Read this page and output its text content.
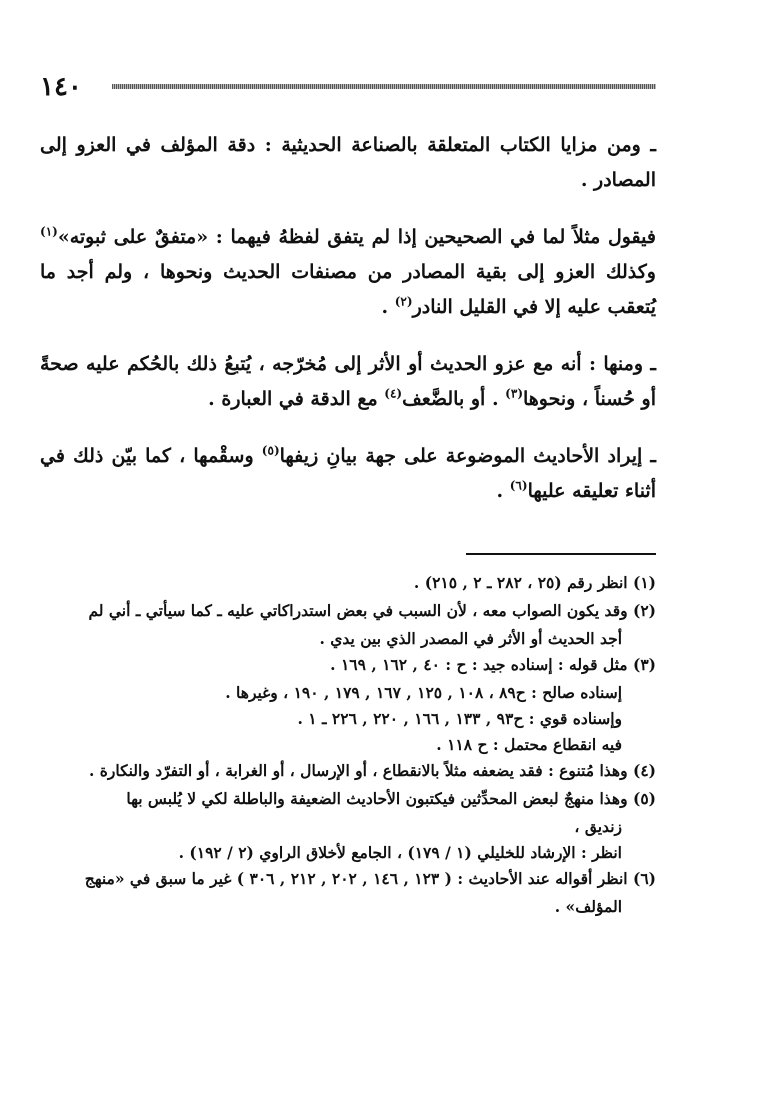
١٤٠

ـ ومن مزايا الكتاب المتعلقة بالصناعة الحديثية : دقة المؤلف في العزو إلى المصادر .

فيقول مثلاً لما في الصحيحين إذا لم يتفق لفظهُ فيهما : «متفقٌ على ثبوته»$^{(١)}$ وكذلك العزو إلى بقية المصادر من مصنفات الحديث ونحوها ، ولم أجد ما يُتعقب عليه إلا في القليل النادر$^{(٢)}$ .

ـ ومنها : أنه مع عزو الحديث أو الأثر إلى مُخرّجه ، يُتبعُ ذلك بالحُكم عليه صحةً أو حُسناً ، ونحوها$^{(٣)}$ . أو بالضَّعف$^{(٤)}$ مع الدقة في العبارة .

ـ إيراد الأحاديث الموضوعة على جهة بيانِ زيفها$^{(٥)}$ وسقْمها ، كما بيّن ذلك في أثناء تعليقه عليها$^{(٦)}$ .

(١) انظر رقم (٢٥ ، ٢٨٢ ـ ٢ , ٢١٥) .

(٢) وقد يكون الصواب معه ، لأن السبب في بعض استدراكاتي عليه ـ كما سيأتي ـ أني لم

أجد الحديث أو الأثر في المصدر الذي بين يدي .

(٣) مثل قوله : إسناده جيد : ح : ٤٠ , ١٦٢ , ١٦٩ .

إسناده صالح : ح٨٩ ، ١٠٨ , ١٢٥ , ١٦٧ , ١٧٩ , ١٩٠ ، وغيرها .

وإسناده قوي : ح٩٣ , ١٣٣ , ١٦٦ , ٢٢٠ , ٢٢٦ ـ ١ .

فيه انقطاع محتمل : ح ١١٨ .

(٤) وهذا مُتنوع : فقد يضعفه مثلاً بالانقطاع ، أو الإرسال ، أو الغرابة ، أو التفرّد والنكارة .

(٥) وهذا منهجٌ لبعض المحدِّثين فيكتبون الأحاديث الضعيفة والباطلة لكي لا يُلبس بها

زنديق ،

انظر : الإرشاد للخليلي (١ / ١٧٩) ، الجامع لأخلاق الراوي (٢ / ١٩٢) .

(٦) انظر أقواله عند الأحاديث : ( ١٢٣ , ١٤٦ , ٢٠٢ , ٢١٢ , ٣٠٦ ) غير ما سبق في «منهج

المؤلف» .
